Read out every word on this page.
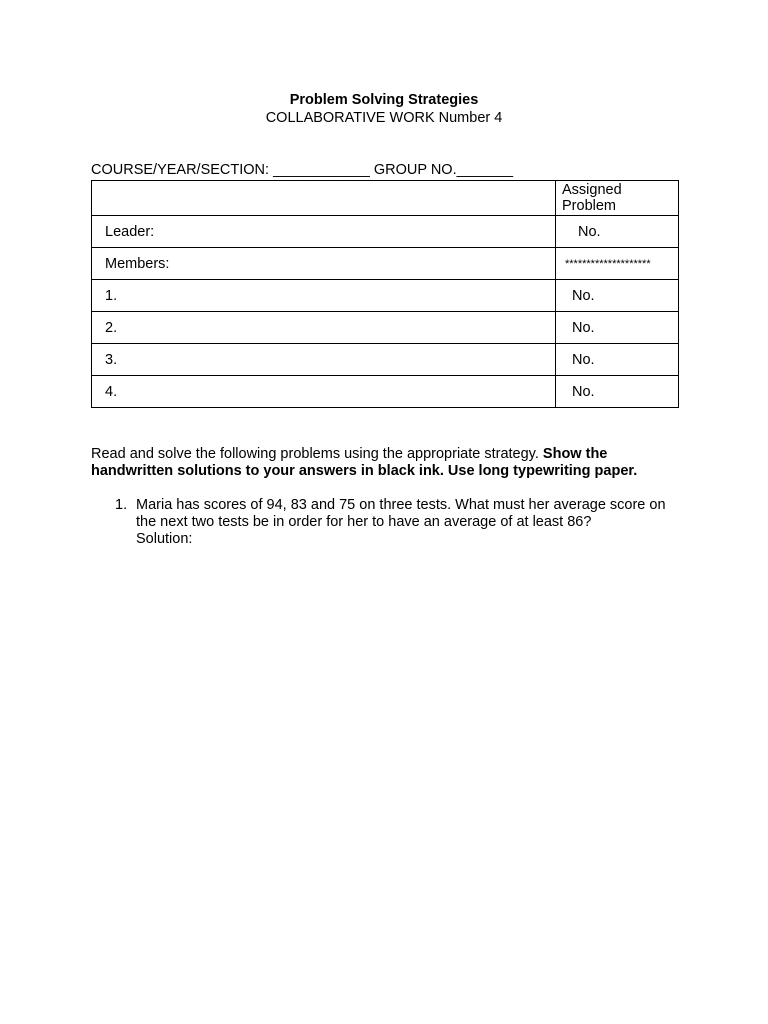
Problem Solving Strategies
COLLABORATIVE WORK Number 4
COURSE/YEAR/SECTION: ____________ GROUP NO._______
	Assigned Problem
Leader:	No.
Members:	********************
1.	No.
2.	No.
3.	No.
4.	No.
Read and solve the following problems using the appropriate strategy. Show the handwritten solutions to your answers in black ink. Use long typewriting paper.
1. Maria has scores of 94, 83 and 75 on three tests. What must her average score on the next two tests be in order for her to have an average of at least 86?
Solution:
